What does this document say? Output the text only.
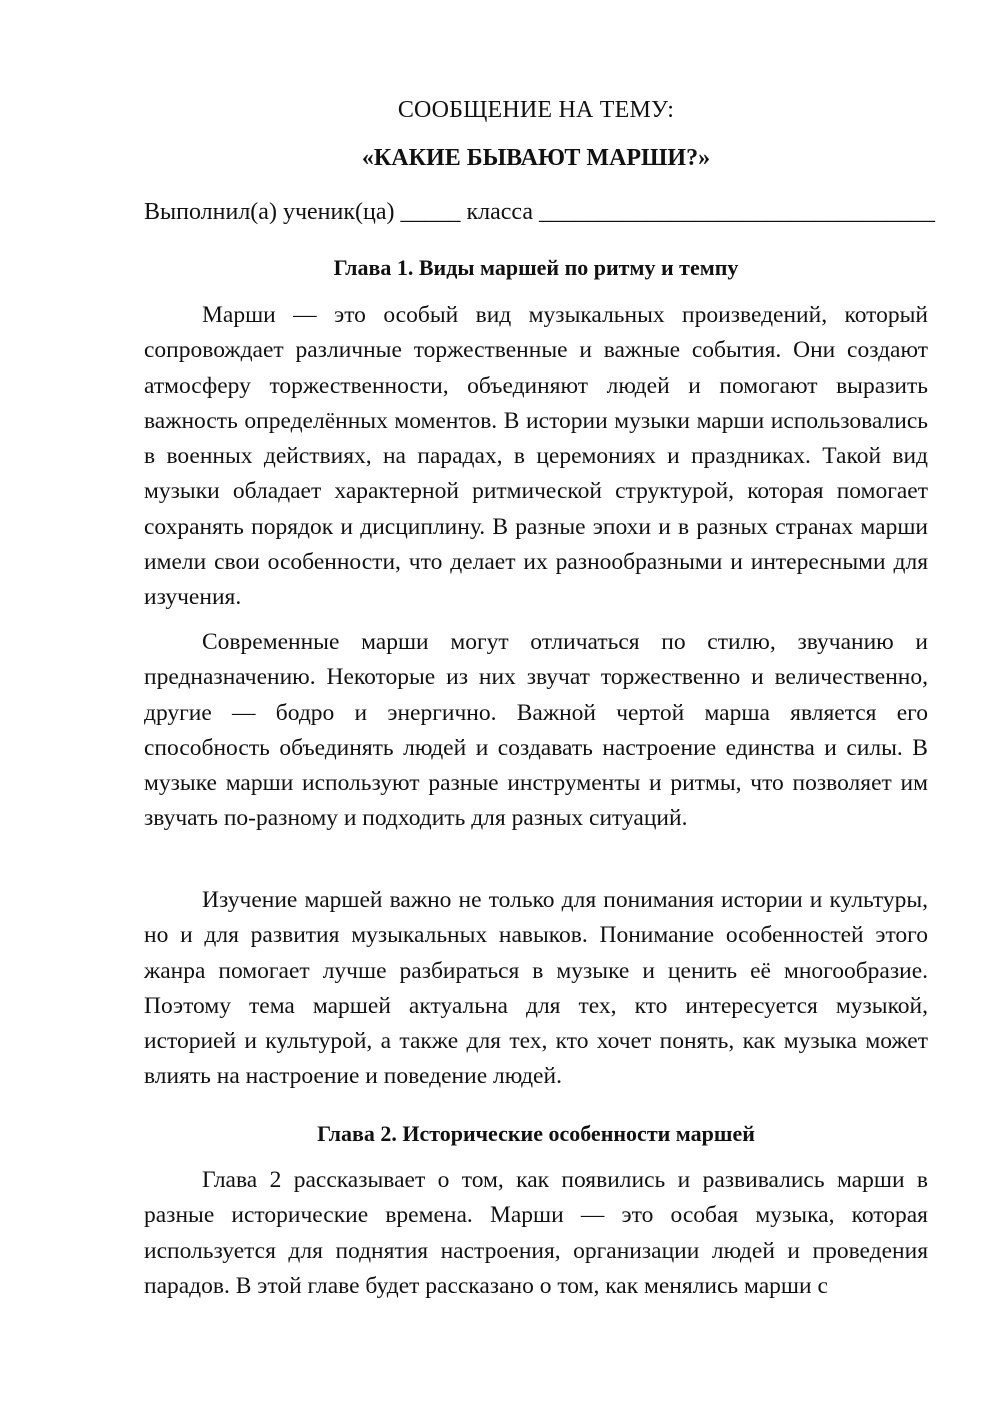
СООБЩЕНИЕ НА ТЕМУ:
«КАКИЕ БЫВАЮТ МАРШИ?»
Выполнил(а) ученик(ца) _____ класса _________________________________
Глава 1. Виды маршей по ритму и темпу

Марши — это особый вид музыкальных произведений, который сопровождает различные торжественные и важные события. Они создают атмосферу торжественности, объединяют людей и помогают выразить важность определённых моментов. В истории музыки марши использовались в военных действиях, на парадах, в церемониях и праздниках. Такой вид музыки обладает характерной ритмической структурой, которая помогает сохранять порядок и дисциплину. В разные эпохи и в разных странах марши имели свои особенности, что делает их разнообразными и интересными для изучения.

Современные марши могут отличаться по стилю, звучанию и предназначению. Некоторые из них звучат торжественно и величественно, другие — бодро и энергично. Важной чертой марша является его способность объединять людей и создавать настроение единства и силы. В музыке марши используют разные инструменты и ритмы, что позволяет им звучать по-разному и подходить для разных ситуаций.

Изучение маршей важно не только для понимания истории и культуры, но и для развития музыкальных навыков. Понимание особенностей этого жанра помогает лучше разбираться в музыке и ценить её многообразие. Поэтому тема маршей актуальна для тех, кто интересуется музыкой, историей и культурой, а также для тех, кто хочет понять, как музыка может влиять на настроение и поведение людей.

Глава 2. Исторические особенности маршей

Глава 2 рассказывает о том, как появились и развивались марши в разные исторические времена. Марши — это особая музыка, которая используется для поднятия настроения, организации людей и проведения парадов. В этой главе будет рассказано о том, как менялись марши с
